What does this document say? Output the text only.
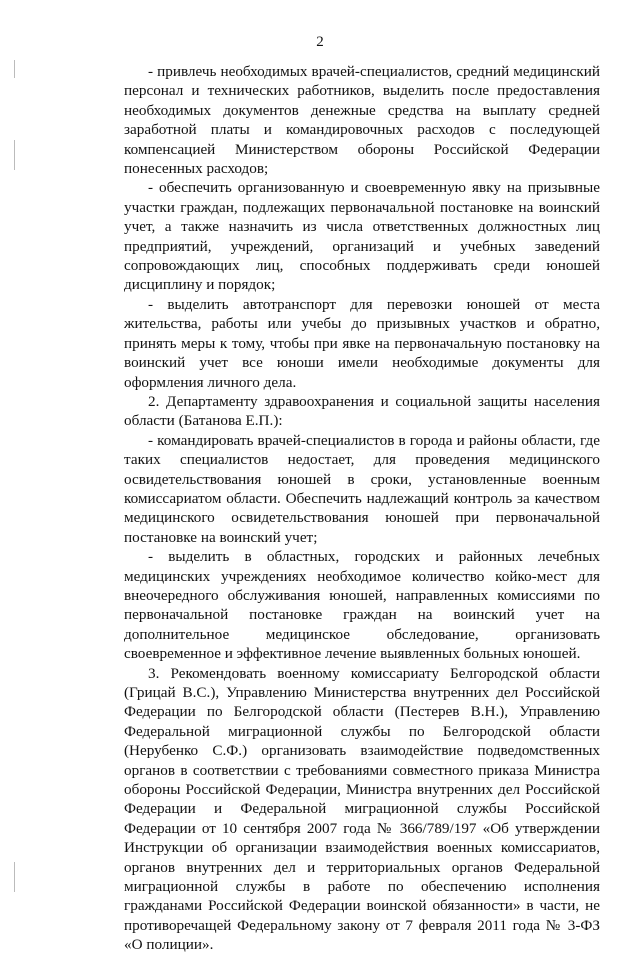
2

- привлечь необходимых врачей-специалистов, средний медицинский персонал и технических работников, выделить после предоставления необходимых документов денежные средства на выплату средней заработной платы и командировочных расходов с последующей компенсацией Министерством обороны Российской Федерации понесенных расходов;

- обеспечить организованную и своевременную явку на призывные участки граждан, подлежащих первоначальной постановке на воинский учет, а также назначить из числа ответственных должностных лиц предприятий, учреждений, организаций и учебных заведений сопровождающих лиц, способных поддерживать среди юношей дисциплину и порядок;

- выделить автотранспорт для перевозки юношей от места жительства, работы или учебы до призывных участков и обратно, принять меры к тому, чтобы при явке на первоначальную постановку на воинский учет все юноши имели необходимые документы для оформления личного дела.

2. Департаменту здравоохранения и социальной защиты населения области (Батанова Е.П.):

- командировать врачей-специалистов в города и районы области, где таких специалистов недостает, для проведения медицинского освидетельствования юношей в сроки, установленные военным комиссариатом области. Обеспечить надлежащий контроль за качеством медицинского освидетельствования юношей при первоначальной постановке на воинский учет;

- выделить в областных, городских и районных лечебных медицинских учреждениях необходимое количество койко-мест для внеочередного обслуживания юношей, направленных комиссиями по первоначальной постановке граждан на воинский учет на дополнительное медицинское обследование, организовать своевременное и эффективное лечение выявленных больных юношей.

3. Рекомендовать военному комиссариату Белгородской области (Грицай В.С.), Управлению Министерства внутренних дел Российской Федерации по Белгородской области (Пестерев В.Н.), Управлению Федеральной миграционной службы по Белгородской области (Нерубенко С.Ф.) организовать взаимодействие подведомственных органов в соответствии с требованиями совместного приказа Министра обороны Российской Федерации, Министра внутренних дел Российской Федерации и Федеральной миграционной службы Российской Федерации от 10 сентября 2007 года № 366/789/197 «Об утверждении Инструкции об организации взаимодействия военных комиссариатов, органов внутренних дел и территориальных органов Федеральной миграционной службы в работе по обеспечению исполнения гражданами Российской Федерации воинской обязанности» в части, не противоречащей Федеральному закону от 7 февраля 2011 года № 3-ФЗ «О полиции».
